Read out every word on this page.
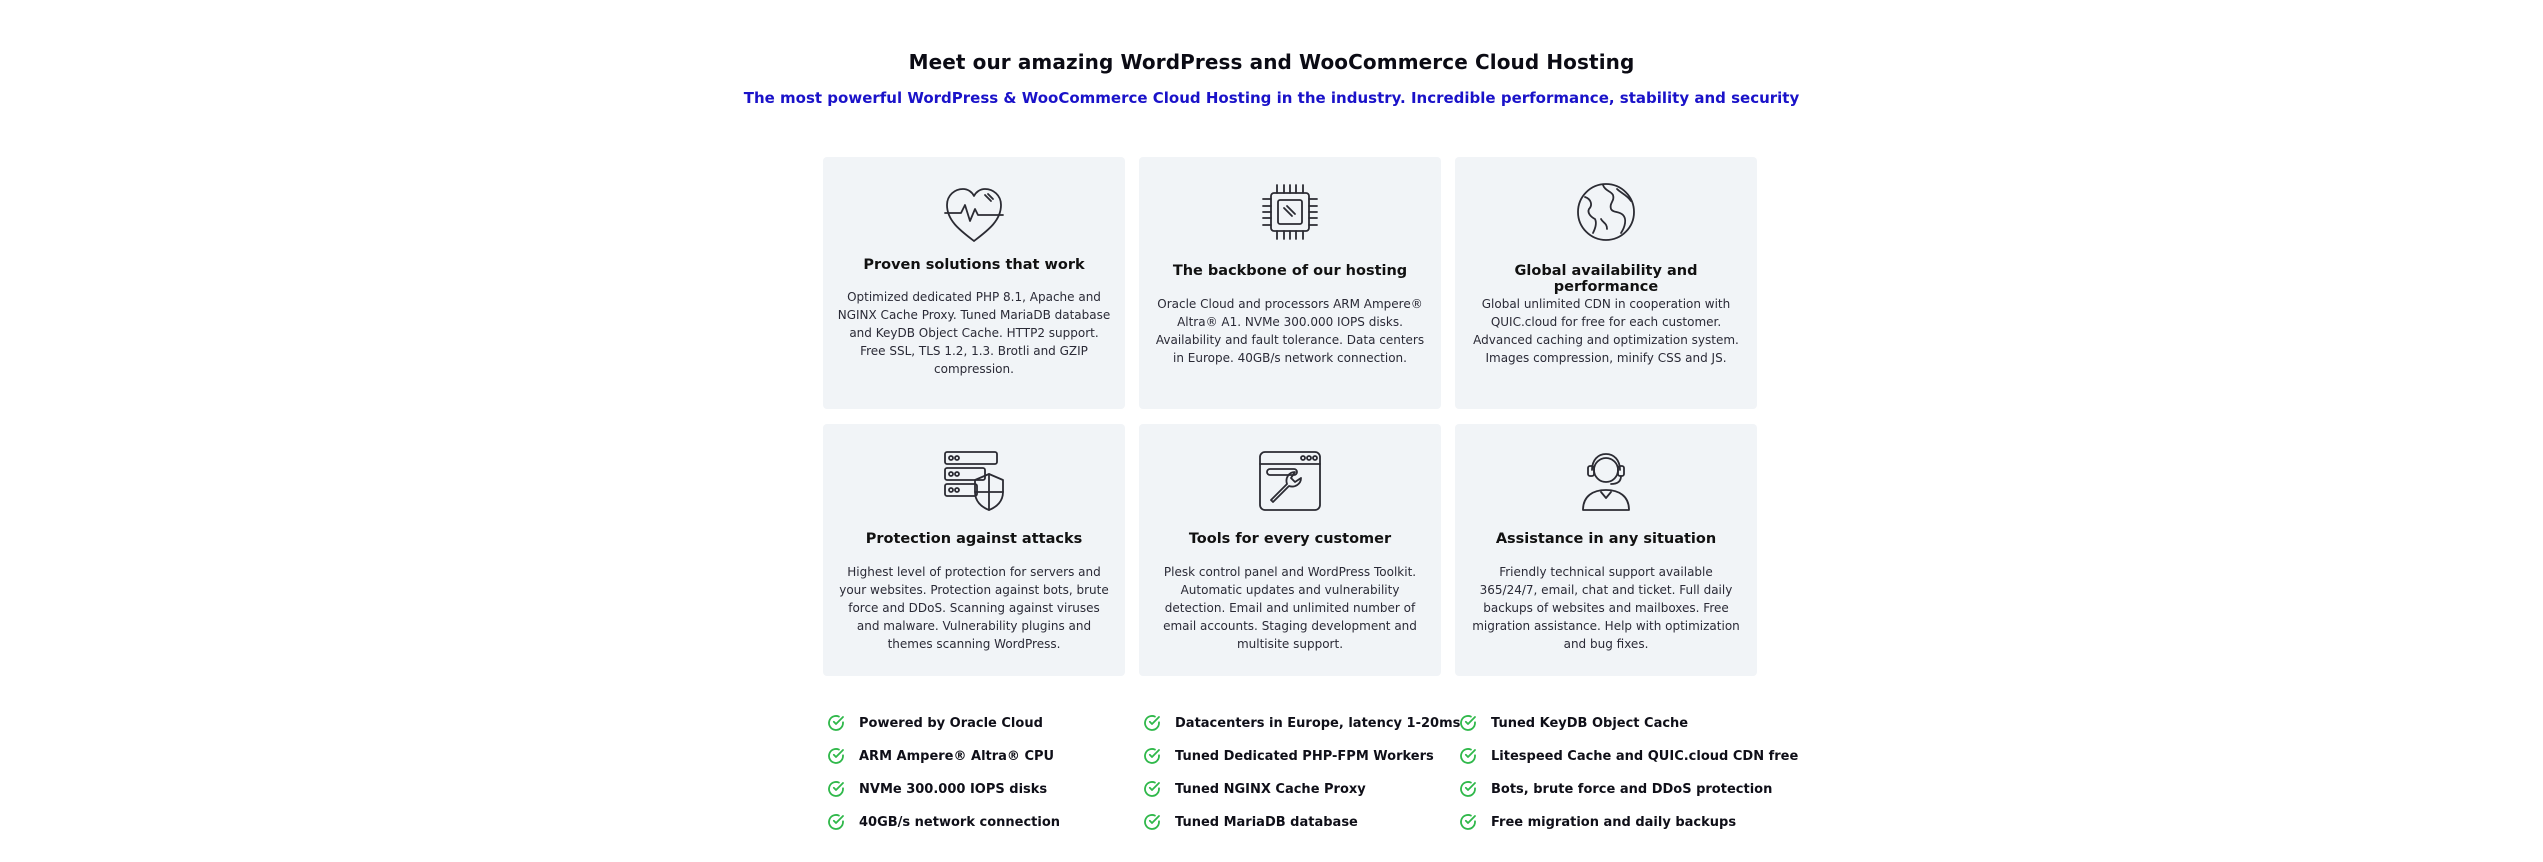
Meet our amazing WordPress and WooCommerce Cloud Hosting
The most powerful WordPress & WooCommerce Cloud Hosting in the industry. Incredible performance, stability and security
Proven solutions that work
Optimized dedicated PHP 8.1, Apache and NGINX Cache Proxy. Tuned MariaDB database and KeyDB Object Cache. HTTP2 support. Free SSL, TLS 1.2, 1.3. Brotli and GZIP compression.
The backbone of our hosting
Oracle Cloud and processors ARM Ampere® Altra® A1. NVMe 300.000 IOPS disks. Availability and fault tolerance. Data centers in Europe. 40GB/s network connection.
Global availability and performance
Global unlimited CDN in cooperation with QUIC.cloud for free for each customer. Advanced caching and optimization system. Images compression, minify CSS and JS.
Protection against attacks
Highest level of protection for servers and your websites. Protection against bots, brute force and DDoS. Scanning against viruses and malware. Vulnerability plugins and themes scanning WordPress.
Tools for every customer
Plesk control panel and WordPress Toolkit. Automatic updates and vulnerability detection. Email and unlimited number of email accounts. Staging development and multisite support.
Assistance in any situation
Friendly technical support available 365/24/7, email, chat and ticket. Full daily backups of websites and mailboxes. Free migration assistance. Help with optimization and bug fixes.
Powered by Oracle Cloud
ARM Ampere® Altra® CPU
NVMe 300.000 IOPS disks
40GB/s network connection
Datacenters in Europe, latency 1-20ms
Tuned Dedicated PHP-FPM Workers
Tuned NGINX Cache Proxy
Tuned MariaDB database
Tuned KeyDB Object Cache
Litespeed Cache and QUIC.cloud CDN free
Bots, brute force and DDoS protection
Free migration and daily backups
